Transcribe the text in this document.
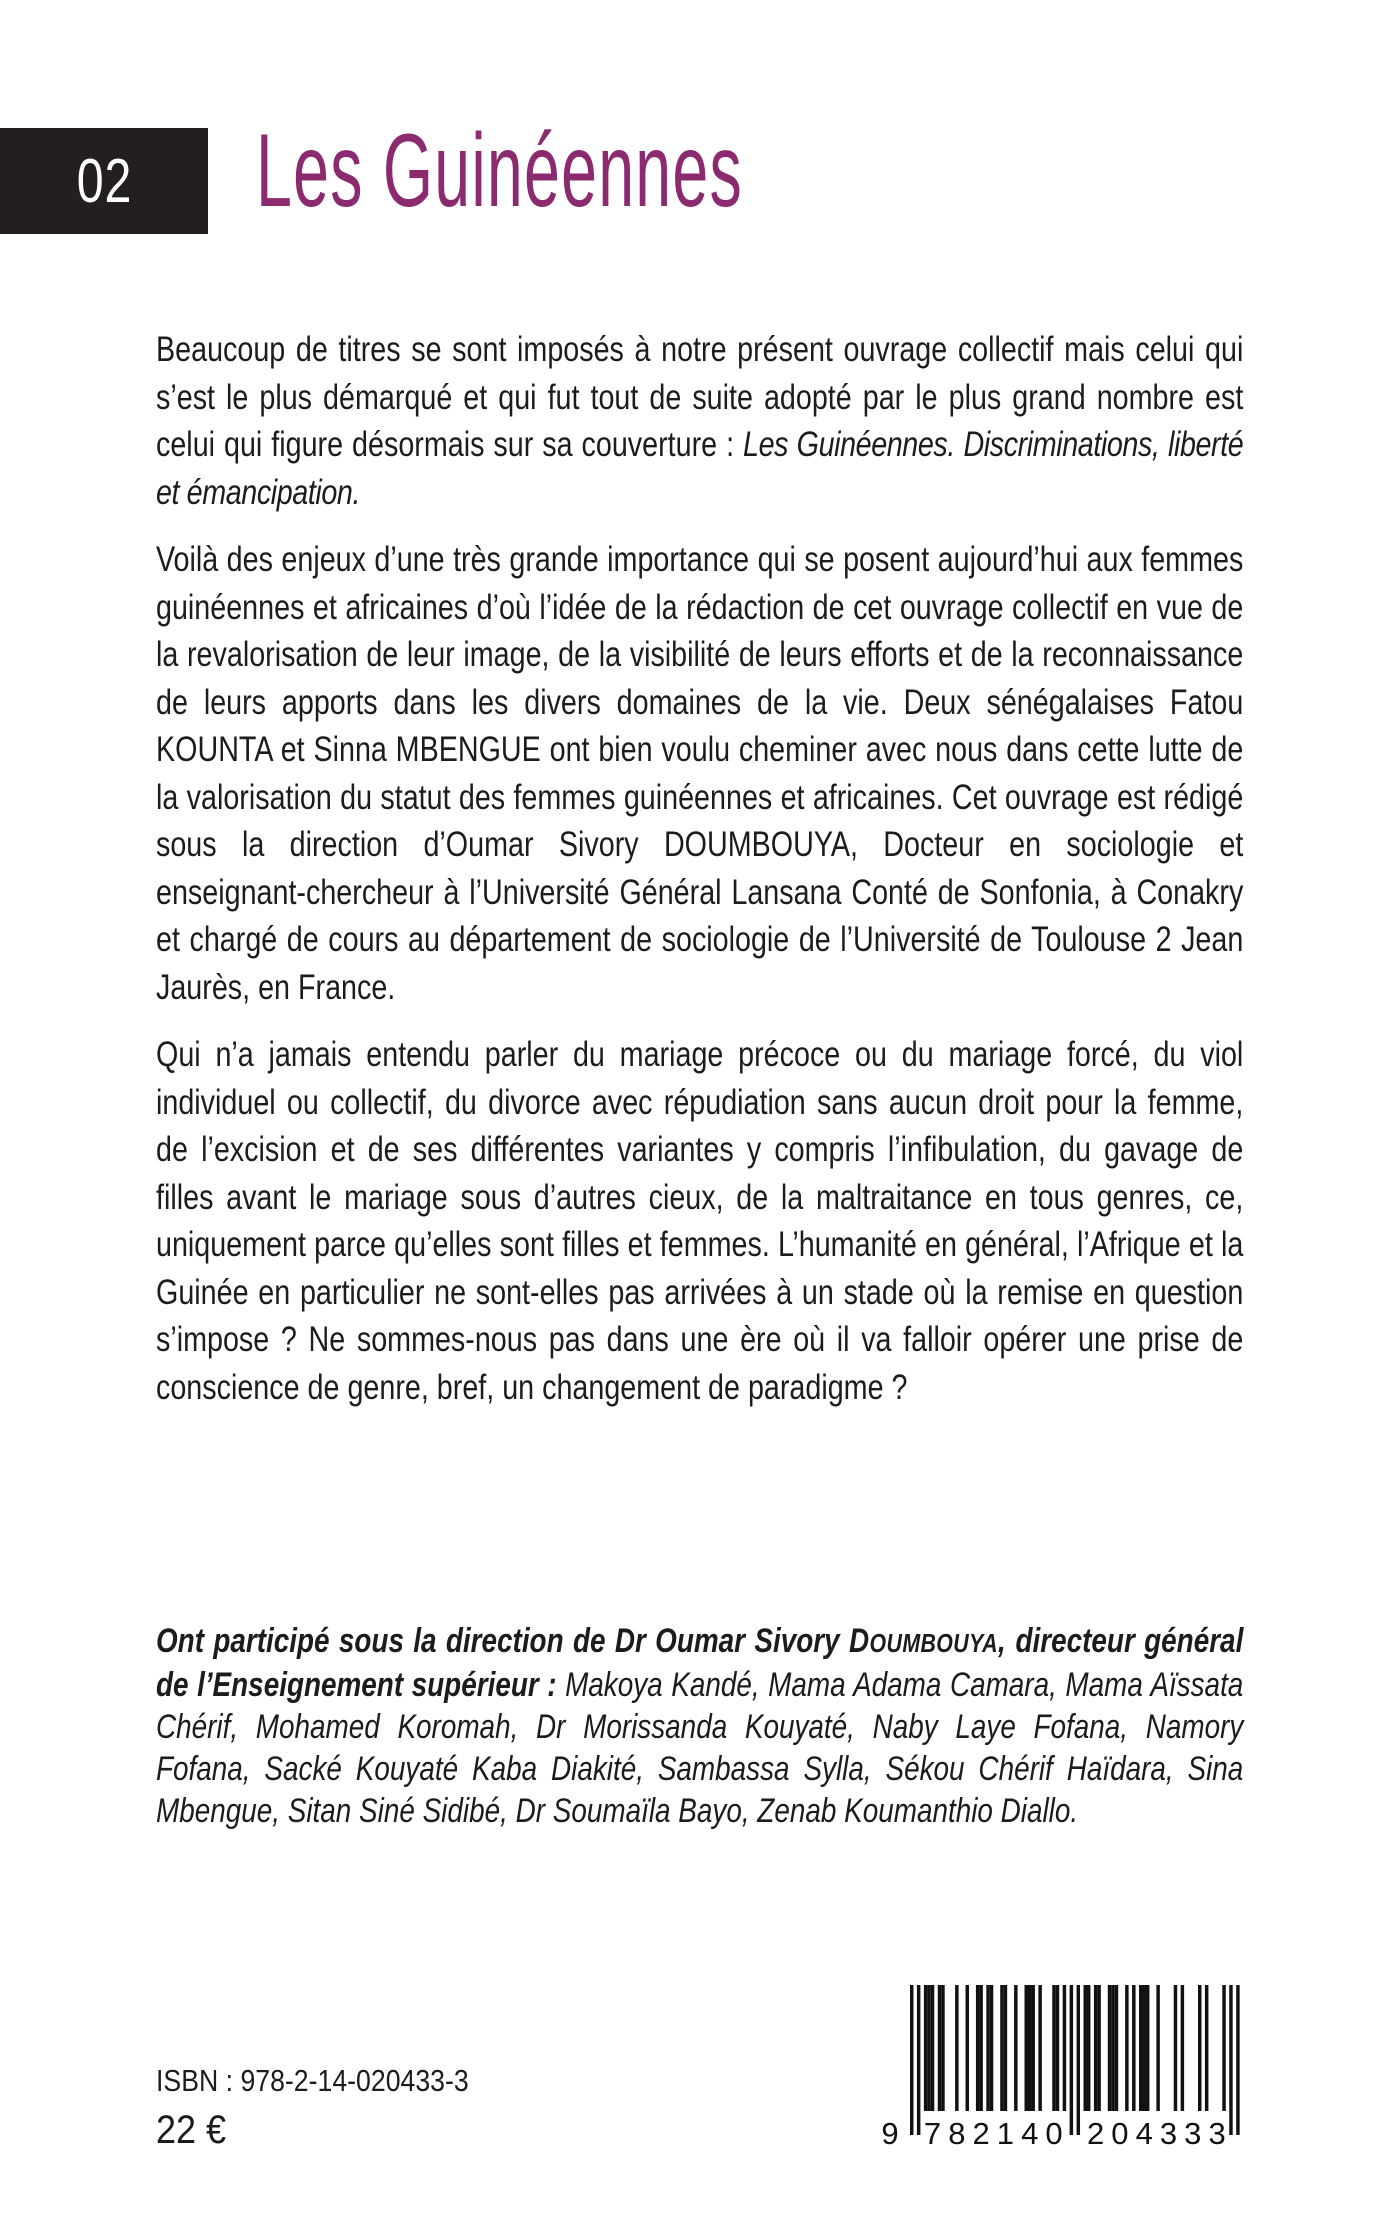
02 Les Guinéennes

Beaucoup de titres se sont imposés à notre présent ouvrage collectif mais celui qui s’est le plus démarqué et qui fut tout de suite adopté par le plus grand nombre est celui qui figure désormais sur sa couverture : Les Guinéennes. Discriminations, liberté et émancipation.

Voilà des enjeux d’une très grande importance qui se posent aujourd’hui aux femmes guinéennes et africaines d’où l’idée de la rédaction de cet ouvrage collectif en vue de la revalorisation de leur image, de la visibilité de leurs efforts et de la reconnaissance de leurs apports dans les divers domaines de la vie. Deux sénégalaises Fatou KOUNTA et Sinna MBENGUE ont bien voulu cheminer avec nous dans cette lutte de la valorisation du statut des femmes guinéennes et africaines. Cet ouvrage est rédigé sous la direction d’Oumar Sivory DOUMBOUYA, Docteur en sociologie et enseignant-chercheur à l’Université Général Lansana Conté de Sonfonia, à Conakry et chargé de cours au département de sociologie de l’Université de Toulouse 2 Jean Jaurès, en France.

Qui n’a jamais entendu parler du mariage précoce ou du mariage forcé, du viol individuel ou collectif, du divorce avec répudiation sans aucun droit pour la femme, de l’excision et de ses différentes variantes y compris l’infibulation, du gavage de filles avant le mariage sous d’autres cieux, de la maltraitance en tous genres, ce, uniquement parce qu’elles sont filles et femmes. L’humanité en général, l’Afrique et la Guinée en particulier ne sont-elles pas arrivées à un stade où la remise en question s’impose ? Ne sommes-nous pas dans une ère où il va falloir opérer une prise de conscience de genre, bref, un changement de paradigme ?

Ont participé sous la direction de Dr Oumar Sivory DOUMBOUYA, directeur général de l’Enseignement supérieur : Makoya Kandé, Mama Adama Camara, Mama Aïssata Chérif, Mohamed Koromah, Dr Morissanda Kouyaté, Naby Laye Fofana, Namory Fofana, Sacké Kouyaté Kaba Diakité, Sambassa Sylla, Sékou Chérif Haïdara, Sina Mbengue, Sitan Siné Sidibé, Dr Soumaïla Bayo, Zenab Koumanthio Diallo.
ISBN : 978-2-14-020433-3
22 €	9 7 8 2 1 4 0 2 0 4 3 3 3
